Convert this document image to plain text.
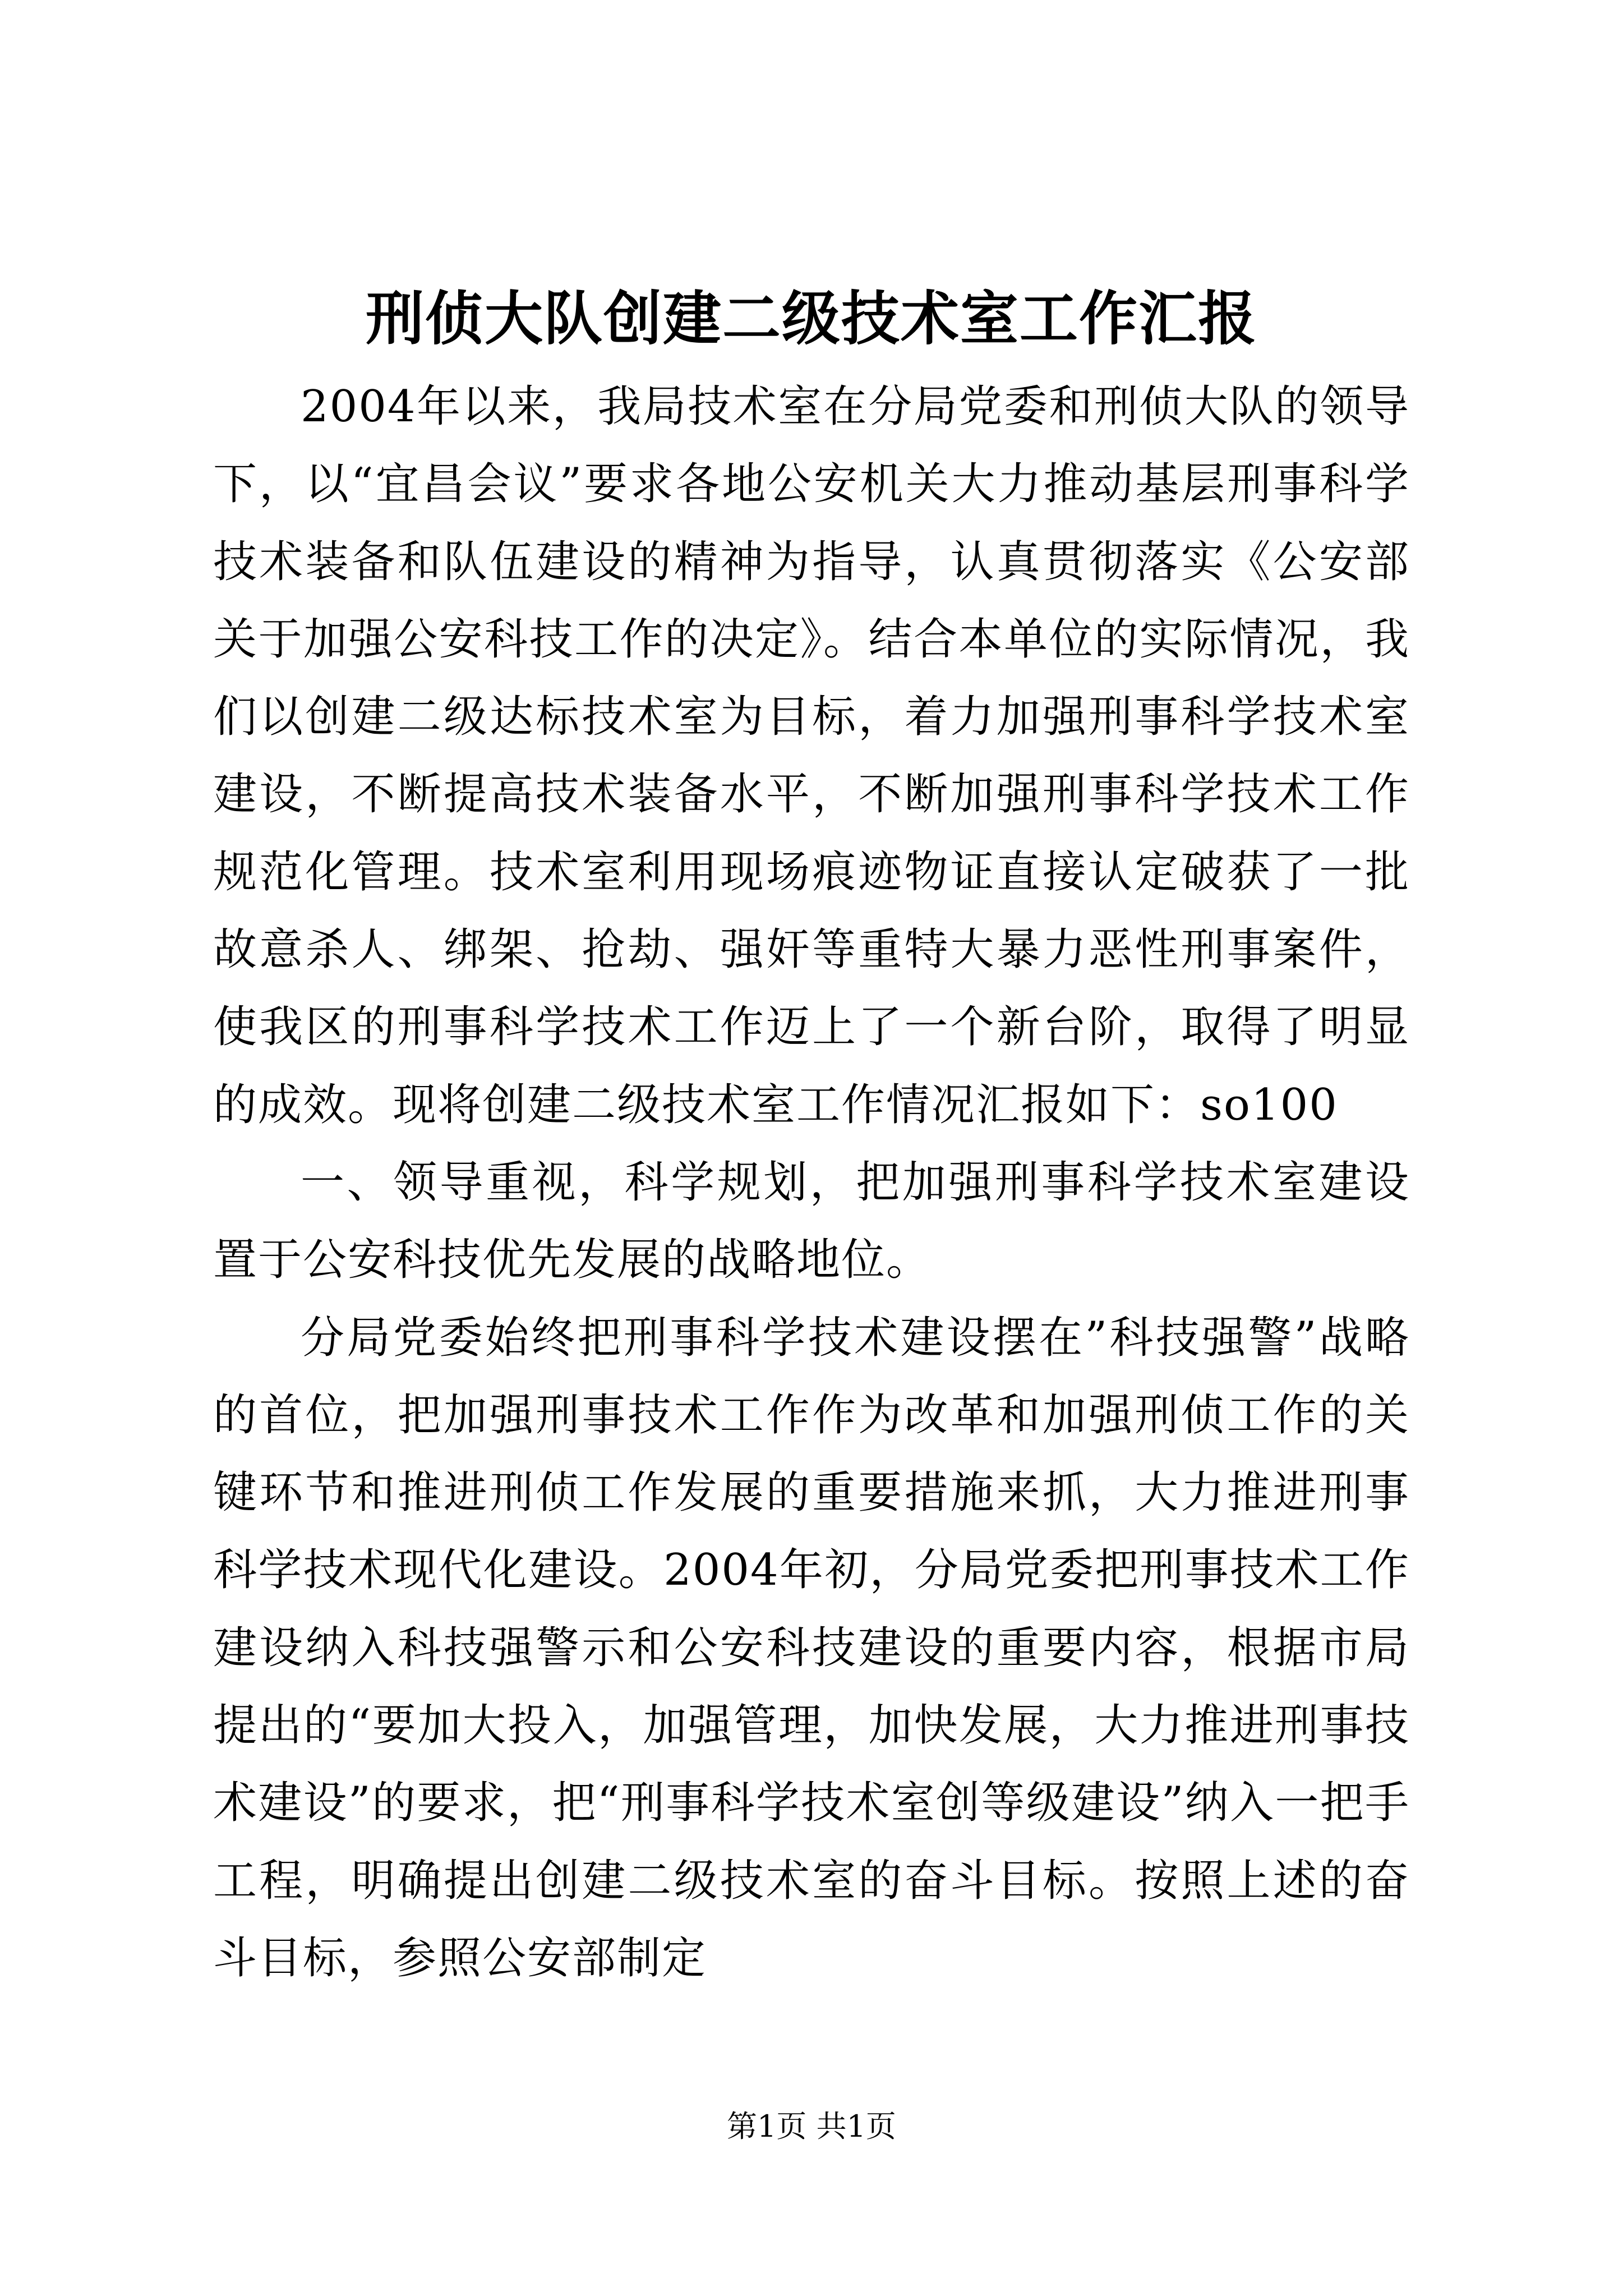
刑侦大队创建二级技术室工作汇报

2004年以来，我局技术室在分局党委和刑侦大队的领导下，以“宜昌会议”要求各地公安机关大力推动基层刑事科学技术装备和队伍建设的精神为指导，认真贯彻落实《公安部关于加强公安科技工作的决定》。结合本单位的实际情况，我们以创建二级达标技术室为目标，着力加强刑事科学技术室建设，不断提高技术装备水平，不断加强刑事科学技术工作规范化管理。技术室利用现场痕迹物证直接认定破获了一批故意杀人、绑架、抢劫、强奸等重特大暴力恶性刑事案件，使我区的刑事科学技术工作迈上了一个新台阶，取得了明显的成效。现将创建二级技术室工作情况汇报如下：so100

一、领导重视，科学规划，把加强刑事科学技术室建设置于公安科技优先发展的战略地位。

分局党委始终把刑事科学技术建设摆在”科技强警”战略的首位，把加强刑事技术工作作为改革和加强刑侦工作的关键环节和推进刑侦工作发展的重要措施来抓，大力推进刑事科学技术现代化建设。2004年初，分局党委把刑事技术工作建设纳入科技强警示和公安科技建设的重要内容，根据市局提出的“要加大投入，加强管理，加快发展，大力推进刑事技术建设”的要求，把“刑事科学技术室创等级建设”纳入一把手工程，明确提出创建二级技术室的奋斗目标。按照上述的奋斗目标，参照公安部制定

第1页 共1页
